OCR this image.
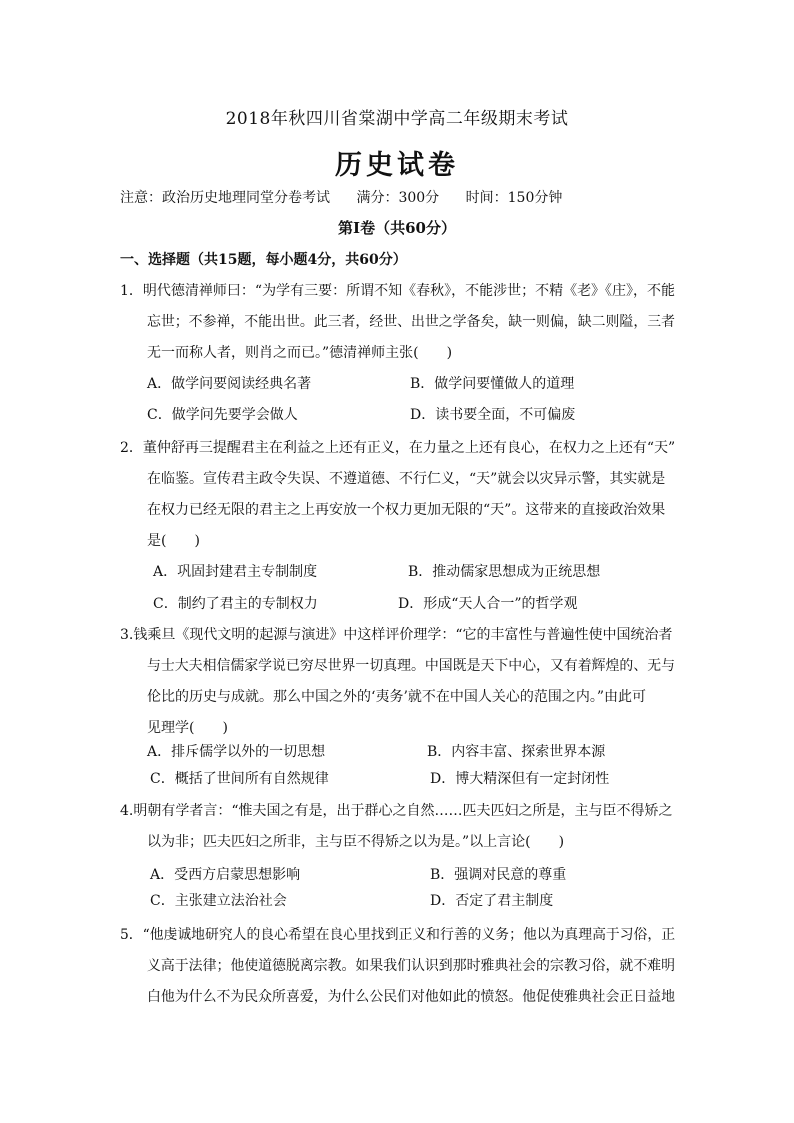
2018年秋四川省棠湖中学高二年级期末考试
历史试卷
注意：政治历史地理同堂分卷考试 满分：300分 时间：150分钟
第Ⅰ卷（共60分）
一、选择题（共15题，每小题4分，共60分）
1．明代德清禅师曰：“为学有三要：所谓不知《春秋》，不能涉世；不精《老》《庄》，不能
忘世；不参禅，不能出世。此三者，经世、出世之学备矣，缺一则偏，缺二则隘，三者
无一而称人者，则肖之而已。”德清禅师主张(　　)
A．做学问要阅读经典名著	B．做学问要懂做人的道理
C．做学问先要学会做人	D．读书要全面，不可偏废
2．董仲舒再三提醒君主在利益之上还有正义，在力量之上还有良心，在权力之上还有“天”
在临鉴。宣传君主政令失误、不遵道德、不行仁义，“天”就会以灾异示警，其实就是
在权力已经无限的君主之上再安放一个权力更加无限的“天”。这带来的直接政治效果
是(　　)
A．巩固封建君主专制制度	B．推动儒家思想成为正统思想
C．制约了君主的专制权力	D．形成“天人合一”的哲学观
3.钱乘旦《现代文明的起源与演进》中这样评价理学：“它的丰富性与普遍性使中国统治者
与士大夫相信儒家学说已穷尽世界一切真理。中国既是天下中心，又有着辉煌的、无与
伦比的历史与成就。那么中国之外的‘夷务’就不在中国人关心的范围之内。”由此可
见理学(　　)
A．排斥儒学以外的一切思想	B．内容丰富、探索世界本源
C．概括了世间所有自然规律	D．博大精深但有一定封闭性
4.明朝有学者言：“惟夫国之有是，出于群心之自然……匹夫匹妇之所是，主与臣不得矫之
以为非；匹夫匹妇之所非，主与臣不得矫之以为是。”以上言论(　　)
A．受西方启蒙思想影响	B．强调对民意的尊重
C．主张建立法治社会	D．否定了君主制度
5．“他虔诚地研究人的良心希望在良心里找到正义和行善的义务；他以为真理高于习俗，正
义高于法律；他使道德脱离宗教。如果我们认识到那时雅典社会的宗教习俗，就不难明
白他为什么不为民众所喜爱，为什么公民们对他如此的愤怒。他促使雅典社会正日益地
